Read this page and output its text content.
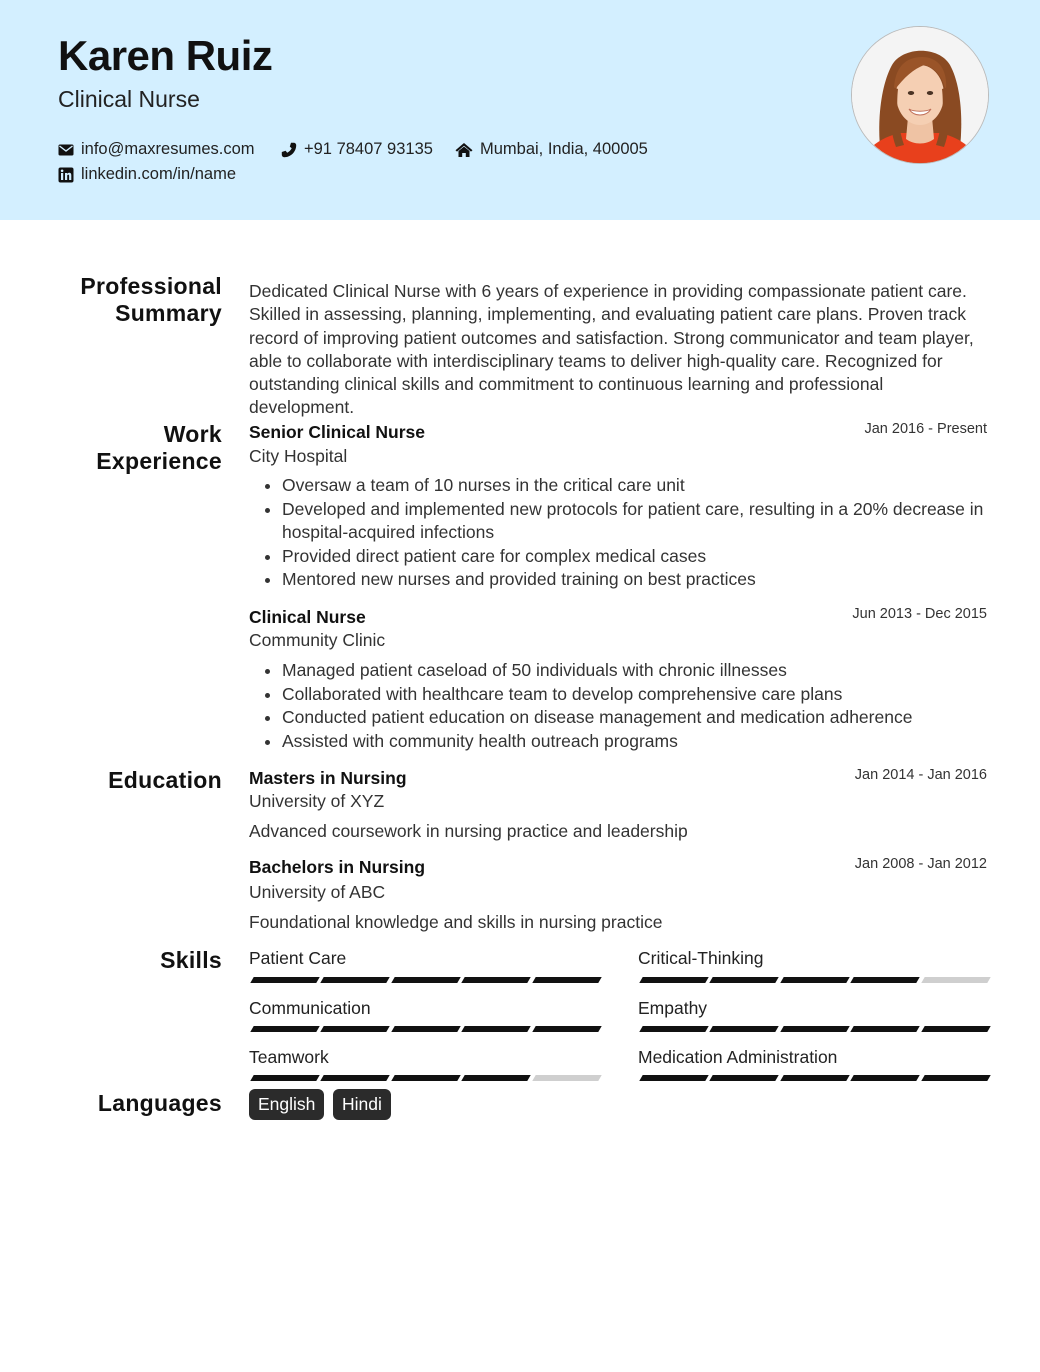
Karen Ruiz
Clinical Nurse
info@maxresumes.com	+91 78407 93135	Mumbai, India, 400005
linkedin.com/in/name
Professional
Summary
Work
Experience
Education
Skills
Languages
Dedicated Clinical Nurse with 6 years of experience in providing compassionate patient care. Skilled in assessing, planning, implementing, and evaluating patient care plans. Proven track record of improving patient outcomes and satisfaction. Strong communicator and team player, able to collaborate with interdisciplinary teams to deliver high-quality care. Recognized for outstanding clinical skills and commitment to continuous learning and professional development.
Senior Clinical Nurse	Jan 2016 - Present
City Hospital
• Oversaw a team of 10 nurses in the critical care unit
• Developed and implemented new protocols for patient care, resulting in a 20% decrease in hospital-acquired infections
• Provided direct patient care for complex medical cases
• Mentored new nurses and provided training on best practices
Clinical Nurse	Jun 2013 - Dec 2015
Community Clinic
• Managed patient caseload of 50 individuals with chronic illnesses
• Collaborated with healthcare team to develop comprehensive care plans
• Conducted patient education on disease management and medication adherence
• Assisted with community health outreach programs
Masters in Nursing	Jan 2014 - Jan 2016
University of XYZ
Advanced coursework in nursing practice and leadership
Bachelors in Nursing	Jan 2008 - Jan 2012
University of ABC
Foundational knowledge and skills in nursing practice
Patient Care	Critical-Thinking
Communication	Empathy
Teamwork	Medication Administration
English	Hindi
